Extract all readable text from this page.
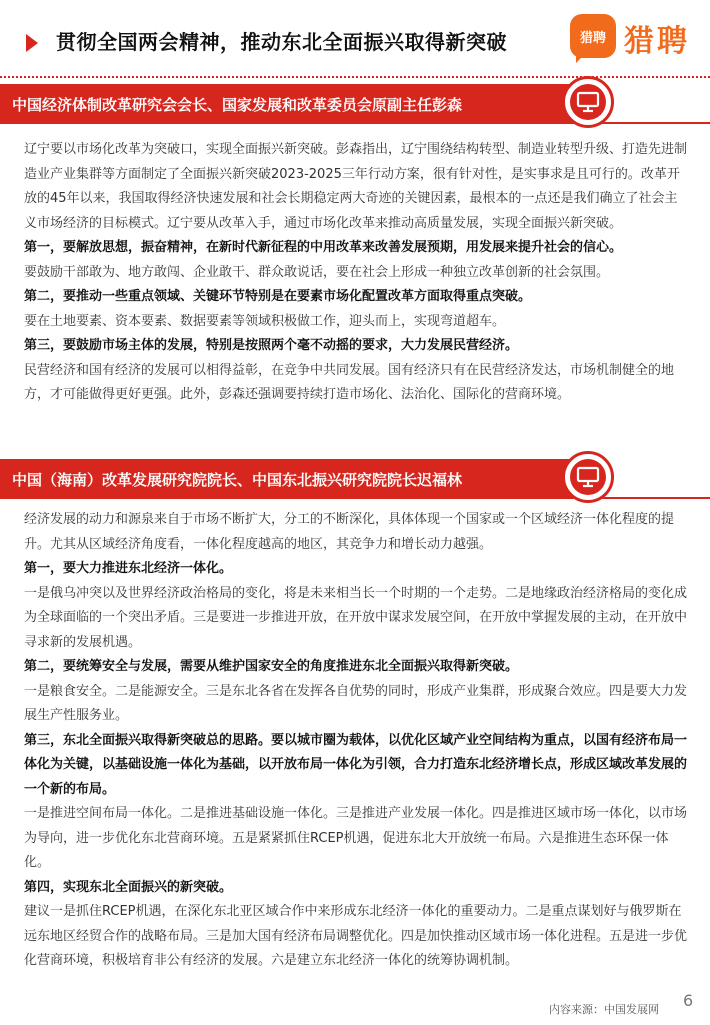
贯彻全国两会精神，推动东北全面振兴取得新突破	猎聘 猎聘
中国经济体制改革研究会会长、国家发展和改革委员会原副主任彭森

辽宁要以市场化改革为突破口，实现全面振兴新突破。彭森指出，辽宁围绕结构转型、制造业转型升级、打造先进制造业产业集群等方面制定了全面振兴新突破2023-2025三年行动方案，很有针对性，是实事求是且可行的。改革开放的45年以来，我国取得经济快速发展和社会长期稳定两大奇迹的关键因素，最根本的一点还是我们确立了社会主义市场经济的目标模式。辽宁要从改革入手，通过市场化改革来推动高质量发展，实现全面振兴新突破。

第一，要解放思想，振奋精神，在新时代新征程的中用改革来改善发展预期，用发展来提升社会的信心。

要鼓励干部敢为、地方敢闯、企业敢干、群众敢说话，要在社会上形成一种独立改革创新的社会氛围。

第二，要推动一些重点领域、关键环节特别是在要素市场化配置改革方面取得重点突破。

要在土地要素、资本要素、数据要素等领域积极做工作，迎头而上，实现弯道超车。

第三，要鼓励市场主体的发展，特别是按照两个毫不动摇的要求，大力发展民营经济。

民营经济和国有经济的发展可以相得益彰，在竞争中共同发展。国有经济只有在民营经济发达，市场机制健全的地方，才可能做得更好更强。此外，彭森还强调要持续打造市场化、法治化、国际化的营商环境。

中国（海南）改革发展研究院院长、中国东北振兴研究院院长迟福林

经济发展的动力和源泉来自于市场不断扩大，分工的不断深化，具体体现一个国家或一个区域经济一体化程度的提升。尤其从区域经济角度看，一体化程度越高的地区，其竞争力和增长动力越强。

第一，要大力推进东北经济一体化。

一是俄乌冲突以及世界经济政治格局的变化，将是未来相当长一个时期的一个走势。二是地缘政治经济格局的变化成为全球面临的一个突出矛盾。三是要进一步推进开放，在开放中谋求发展空间，在开放中掌握发展的主动，在开放中寻求新的发展机遇。

第二，要统筹安全与发展，需要从维护国家安全的角度推进东北全面振兴取得新突破。

一是粮食安全。二是能源安全。三是东北各省在发挥各自优势的同时，形成产业集群，形成聚合效应。四是要大力发展生产性服务业。

第三，东北全面振兴取得新突破总的思路。要以城市圈为载体，以优化区域产业空间结构为重点，以国有经济布局一体化为关键，以基础设施一体化为基础，以开放布局一体化为引领，合力打造东北经济增长点，形成区域改革发展的一个新的布局。

一是推进空间布局一体化。二是推进基础设施一体化。三是推进产业发展一体化。四是推进区域市场一体化，以市场为导向，进一步优化东北营商环境。五是紧紧抓住RCEP机遇，促进东北大开放统一布局。六是推进生态环保一体化。

第四，实现东北全面振兴的新突破。

建议一是抓住RCEP机遇，在深化东北亚区域合作中来形成东北经济一体化的重要动力。二是重点谋划好与俄罗斯在远东地区经贸合作的战略布局。三是加大国有经济布局调整优化。四是加快推动区域市场一体化进程。五是进一步优化营商环境，积极培育非公有经济的发展。六是建立东北经济一体化的统筹协调机制。

内容来源：中国发展网 6
